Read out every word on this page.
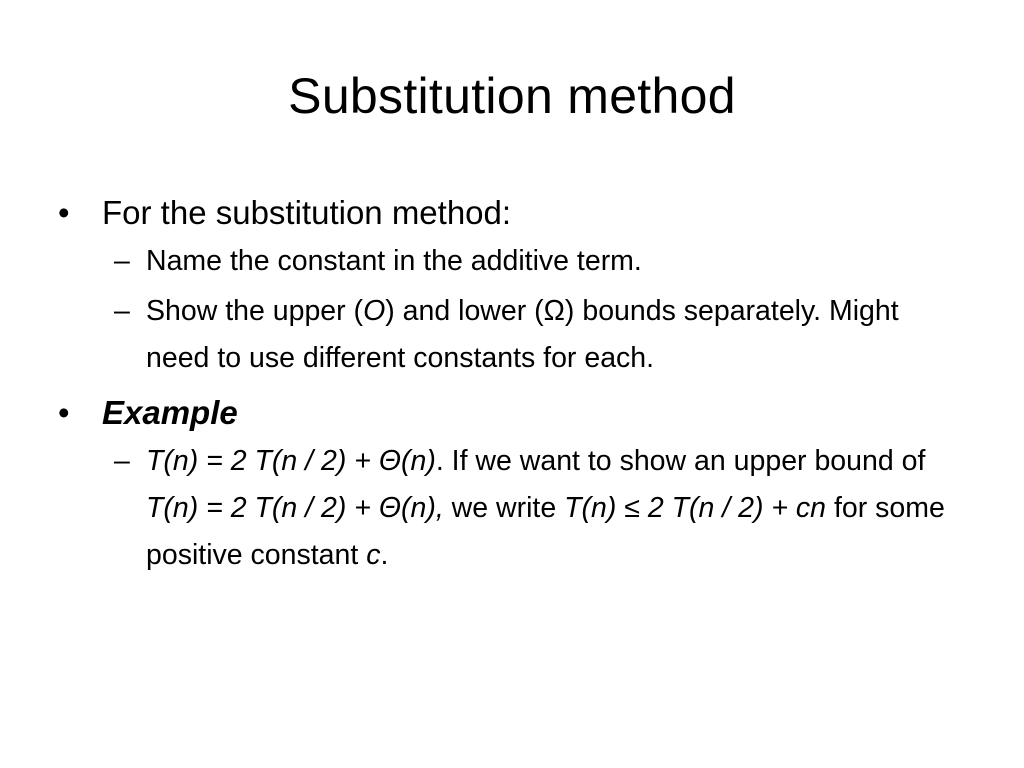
Substitution method
• For the substitution method:
– Name the constant in the additive term.
– Show the upper (O) and lower (Ω) bounds separately. Might need to use different constants for each.
• Example
– T(n) = 2 T(n / 2) + Θ(n). If we want to show an upper bound of T(n) = 2 T(n / 2) + Θ(n), we write T(n) ≤ 2 T(n / 2) + cn for some positive constant c.
